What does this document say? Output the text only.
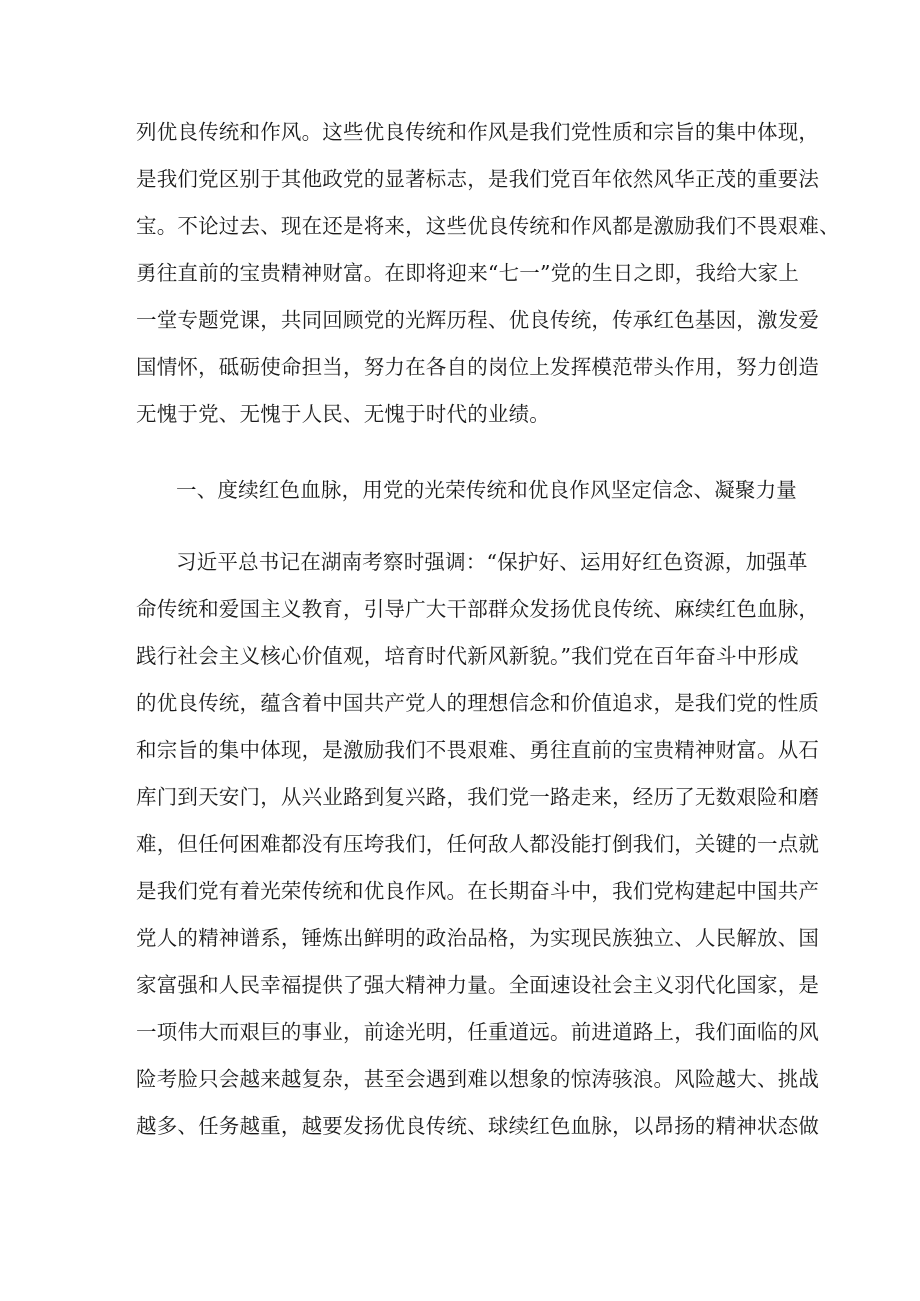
列优良传统和作风。这些优良传统和作风是我们党性质和宗旨的集中体现，
是我们党区别于其他政党的显著标志，是我们党百年依然风华正茂的重要法
宝。不论过去、现在还是将来，这些优良传统和作风都是激励我们不畏艰难、
勇往直前的宝贵精神财富。在即将迎来“七一”党的生日之即，我给大家上
一堂专题党课，共同回顾党的光辉历程、优良传统，传承红色基因，激发爱
国情怀，砥砺使命担当，努力在各自的岗位上发挥模范带头作用，努力创造
无愧于党、无愧于人民、无愧于时代的业绩。
一、度续红色血脉，用党的光荣传统和优良作风坚定信念、凝聚力量
习近平总书记在湖南考察时强调：“保护好、运用好红色资源，加强革
命传统和爱国主义教育，引导广大干部群众发扬优良传统、麻续红色血脉，
践行社会主义核心价值观，培育时代新风新貌。”我们党在百年奋斗中形成
的优良传统，蕴含着中国共产党人的理想信念和价值追求，是我们党的性质
和宗旨的集中体现，是激励我们不畏艰难、勇往直前的宝贵精神财富。从石
库门到天安门，从兴业路到复兴路，我们党一路走来，经历了无数艰险和磨
难，但任何困难都没有压垮我们，任何敌人都没能打倒我们，关键的一点就
是我们党有着光荣传统和优良作风。在长期奋斗中，我们党构建起中国共产
党人的精神谱系，锤炼出鲜明的政治品格，为实现民族独立、人民解放、国
家富强和人民幸福提供了强大精神力量。全面速设社会主义羽代化国家，是
一项伟大而艰巨的事业，前途光明，任重道远。前进道路上，我们面临的风
险考脸只会越来越复杂，甚至会遇到难以想象的惊涛骇浪。风险越大、挑战
越多、任务越重，越要发扬优良传统、球续红色血脉，以昂扬的精神状态做
